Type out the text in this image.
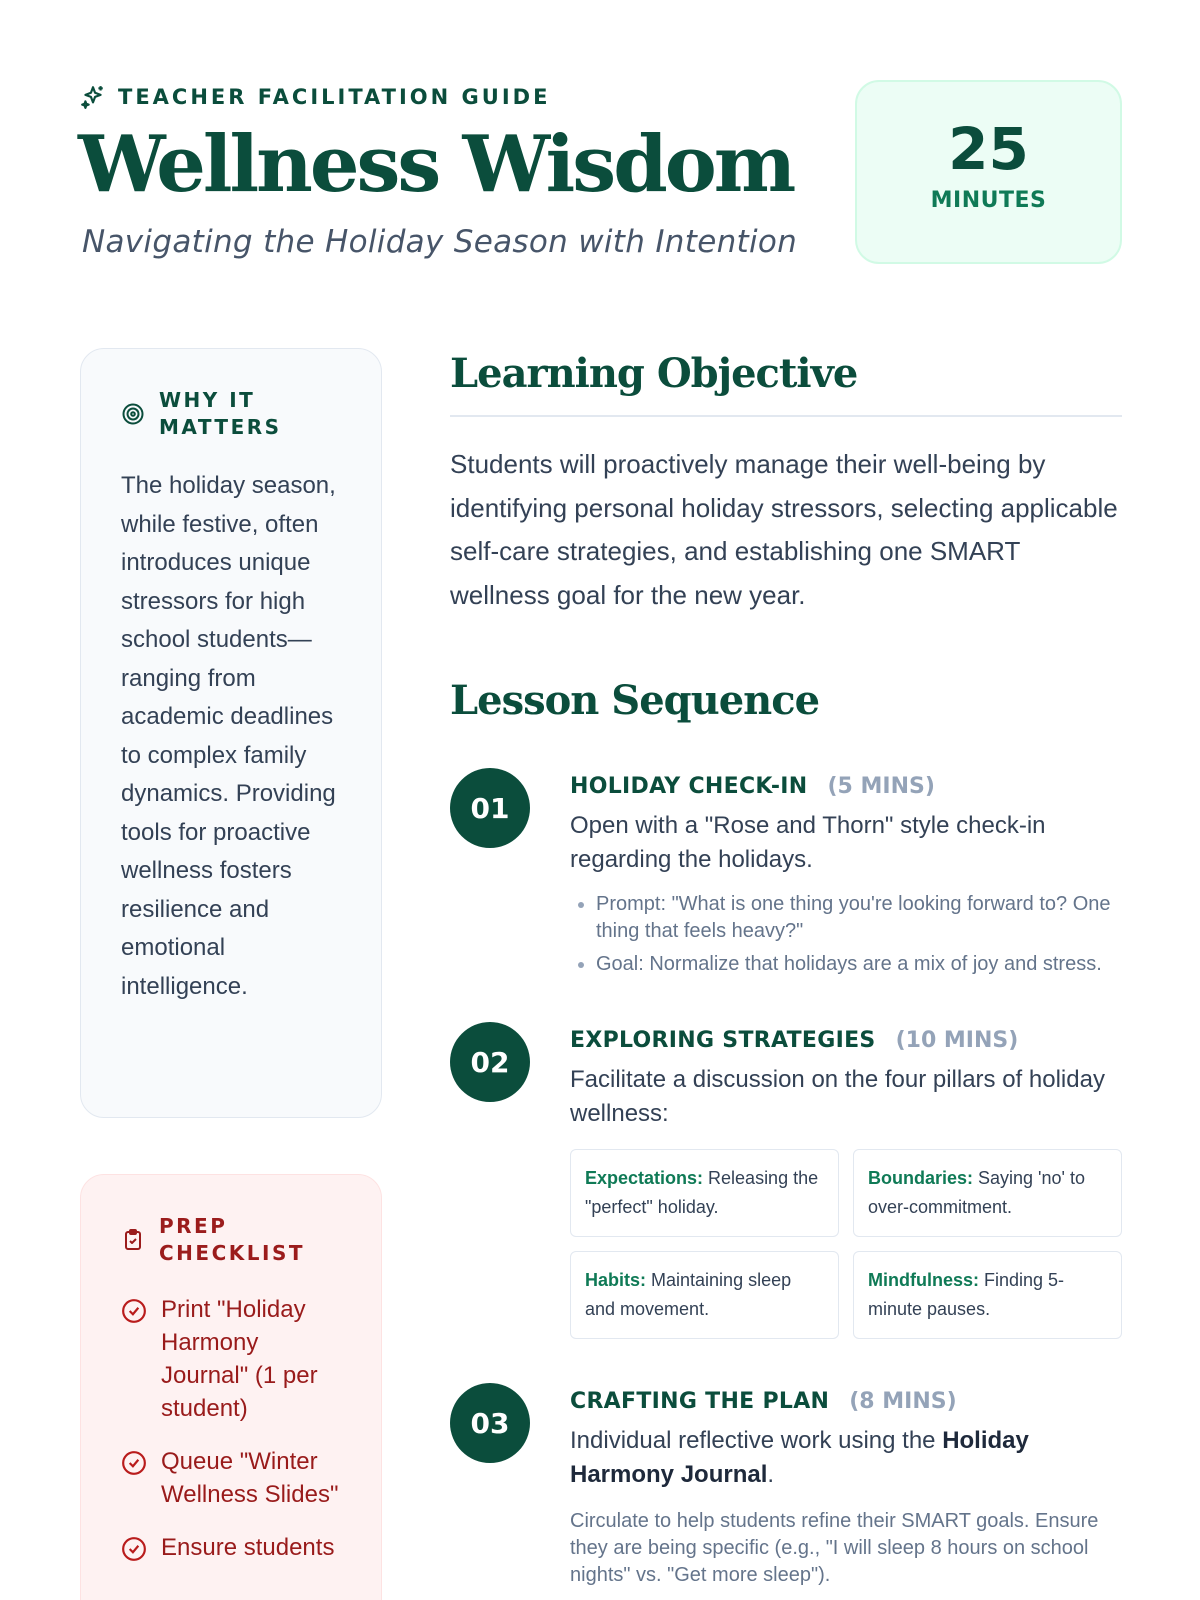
TEACHER FACILITATION GUIDE
Wellness Wisdom
Navigating the Holiday Season with Intention
25
MINUTES
WHY IT
MATTERS

The holiday season, while festive, often introduces unique stressors for high school students—ranging from academic deadlines to complex family dynamics. Providing tools for proactive wellness fosters resilience and emotional intelligence.

PREP
CHECKLIST
Print "Holiday Harmony Journal" (1 per student)
Queue "Winter Wellness Slides"
Ensure students
Learning Objective

Students will proactively manage their well-being by identifying personal holiday stressors, selecting applicable self-care strategies, and establishing one SMART wellness goal for the new year.

Lesson Sequence
01
HOLIDAY CHECK-IN (5 MINS)

Open with a "Rose and Thorn" style check-in regarding the holidays.

• Prompt: "What is one thing you're looking forward to? One thing that feels heavy?"
• Goal: Normalize that holidays are a mix of joy and stress.
02
EXPLORING STRATEGIES (10 MINS)

Facilitate a discussion on the four pillars of holiday wellness:

Expectations: Releasing the "perfect" holiday.
Boundaries: Saying 'no' to over-commitment.
Habits: Maintaining sleep and movement.
Mindfulness: Finding 5-minute pauses.
03
CRAFTING THE PLAN (8 MINS)

Individual reflective work using the Holiday Harmony Journal.

Circulate to help students refine their SMART goals. Ensure they are being specific (e.g., "I will sleep 8 hours on school nights" vs. "Get more sleep").
